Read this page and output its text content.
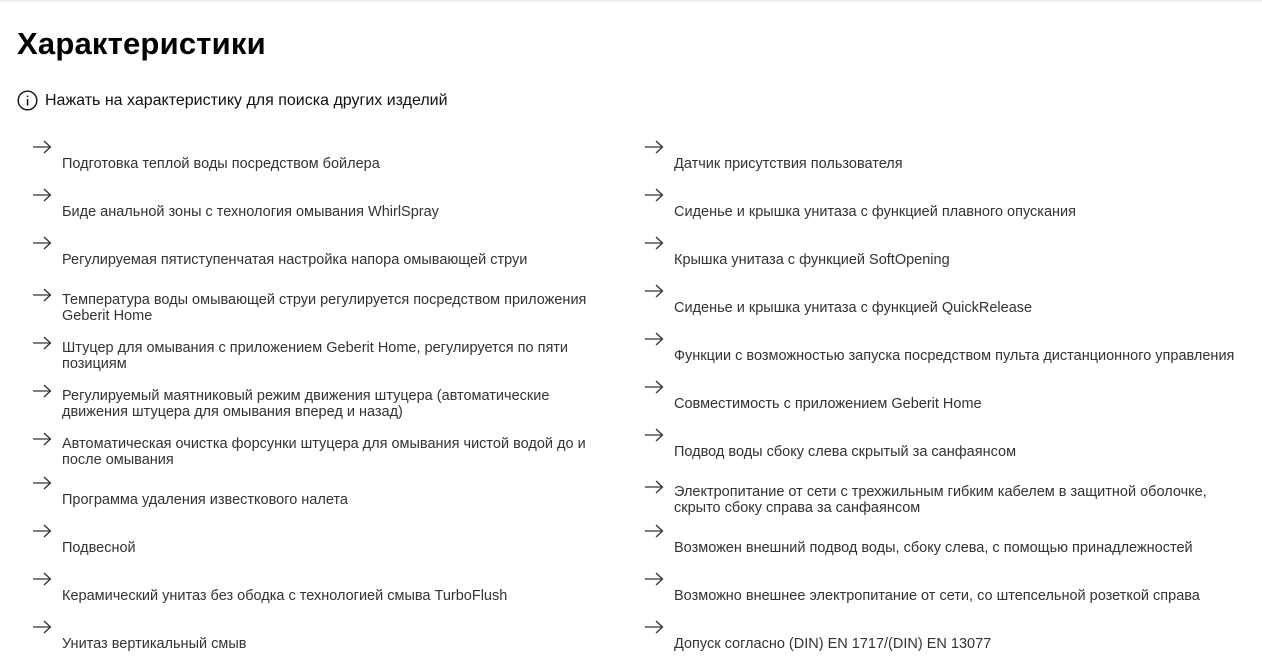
Характеристики
Нажать на характеристику для поиска других изделий
Подготовка теплой воды посредством бойлера
Биде анальной зоны с технология омывания WhirlSpray
Регулируемая пятиступенчатая настройка напора омывающей струи
Температура воды омывающей струи регулируется посредством приложения Geberit Home
Штуцер для омывания с приложением Geberit Home, регулируется по пяти позициям
Регулируемый маятниковый режим движения штуцера (автоматические движения штуцера для омывания вперед и назад)
Автоматическая очистка форсунки штуцера для омывания чистой водой до и после омывания
Программа удаления известкового налета
Подвесной
Керамический унитаз без ободка с технологией смыва TurboFlush
Унитаз вертикальный смыв
Датчик присутствия пользователя
Сиденье и крышка унитаза с функцией плавного опускания
Крышка унитаза с функцией SoftOpening
Сиденье и крышка унитаза с функцией QuickRelease
Функции с возможностью запуска посредством пульта дистанционного управления
Совместимость с приложением Geberit Home
Подвод воды сбоку слева скрытый за санфаянсом
Электропитание от сети с трехжильным гибким кабелем в защитной оболочке, скрыто сбоку справа за санфаянсом
Возможен внешний подвод воды, сбоку слева, с помощью принадлежностей
Возможно внешнее электропитание от сети, со штепсельной розеткой справа
Допуск согласно (DIN) EN 1717/(DIN) EN 13077
